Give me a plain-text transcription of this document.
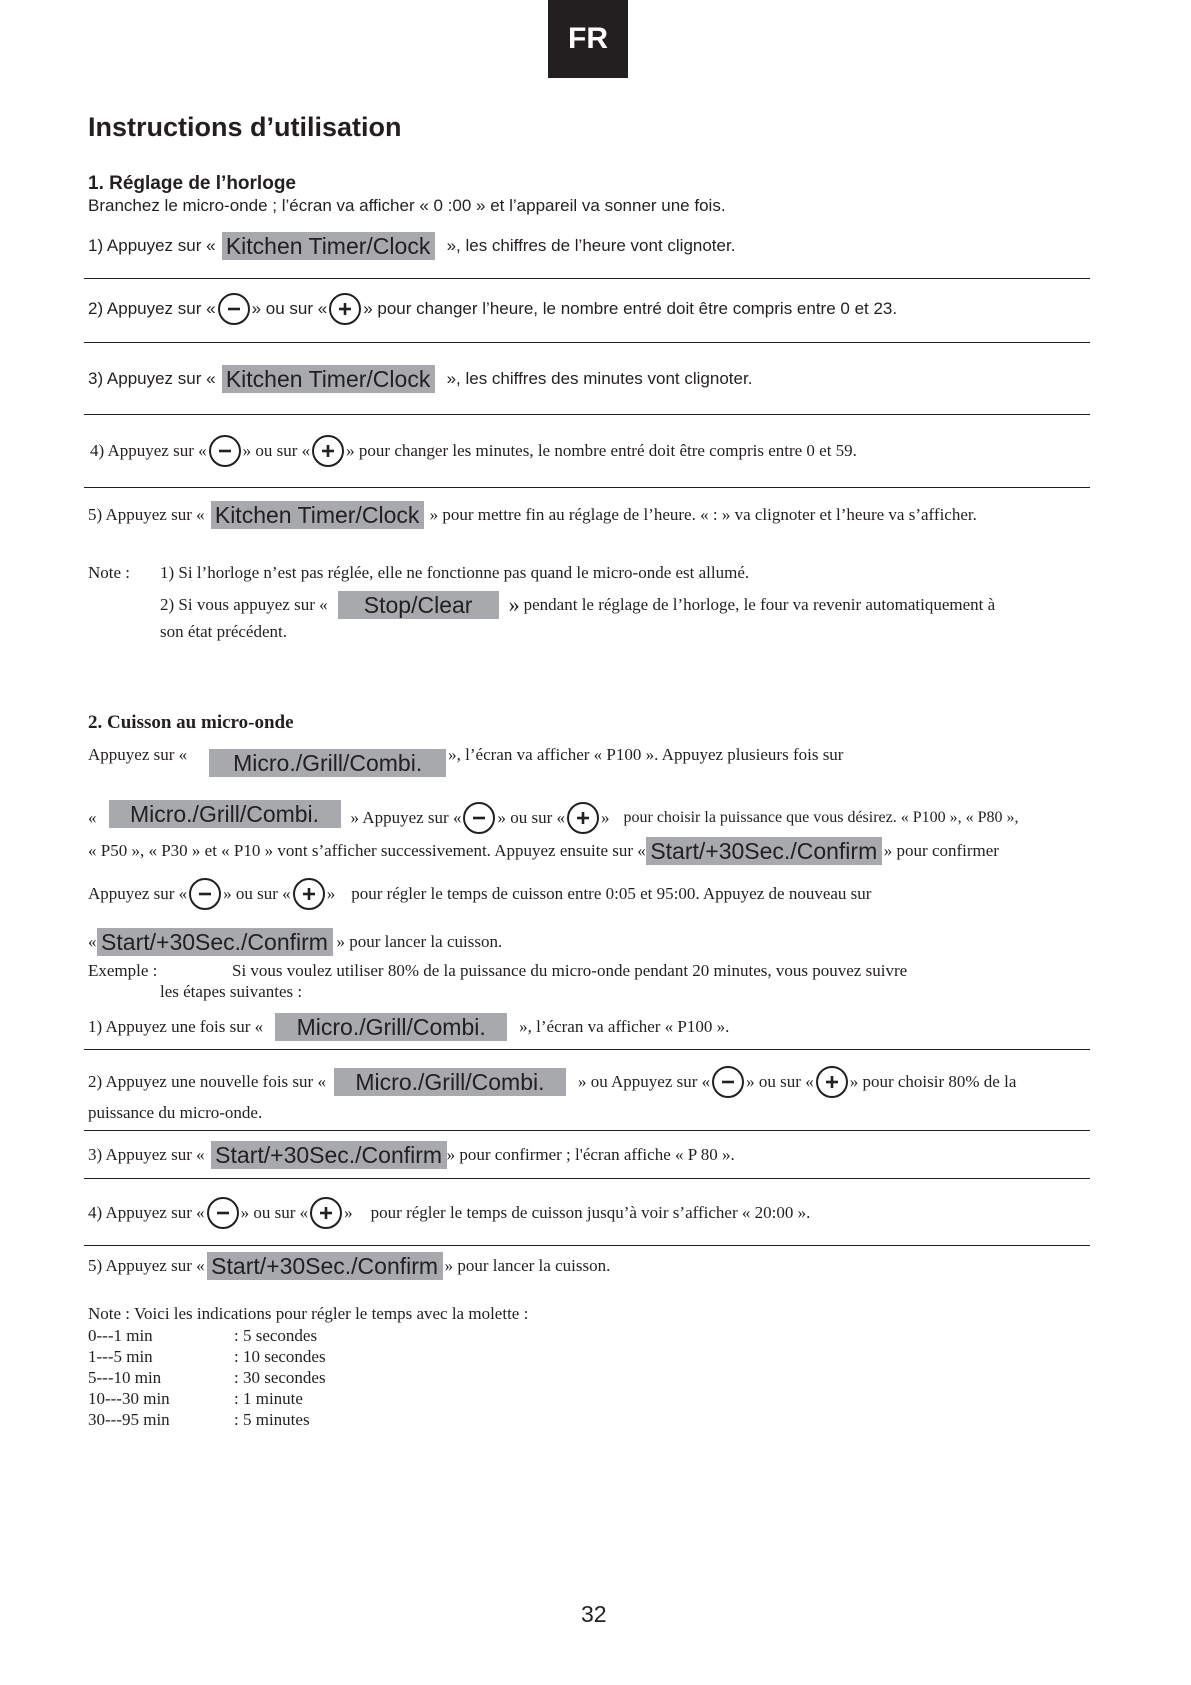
FR
Instructions d’utilisation
1. Réglage de l’horloge
Branchez le micro-onde ; l’écran va afficher « 0 :00 » et l’appareil va sonner une fois.
1) Appuyez sur « Kitchen Timer/Clock », les chiffres de l’heure vont clignoter.
2) Appuyez sur « » ou sur « » pour changer l’heure, le nombre entré doit être compris entre 0 et 23.
3) Appuyez sur « Kitchen Timer/Clock », les chiffres des minutes vont clignoter.
4) Appuyez sur « » ou sur « » pour changer les minutes, le nombre entré doit être compris entre 0 et 59.
5) Appuyez sur « Kitchen Timer/Clock » pour mettre fin au réglage de l’heure. « : » va clignoter et l’heure va s’afficher.
Note : 1) Si l’horloge n’est pas réglée, elle ne fonctionne pas quand le micro-onde est allumé.
2) Si vous appuyez sur «	Stop/Clear	» pendant le réglage de l’horloge, le four va revenir automatiquement à
son état précédent.
2. Cuisson au micro-onde
Appuyez sur «	Micro./Grill/Combi.	», l’écran va afficher « P100 ». Appuyez plusieurs fois sur
«	Micro./Grill/Combi.	» Appuyez sur « » ou sur « » pour choisir la puissance que vous désirez. « P100 », « P80 »,
« P50 », « P30 » et « P10 » vont s’afficher successivement. Appuyez ensuite sur « Start/+30Sec./Confirm » pour confirmer
Appuyez sur « » ou sur « » pour régler le temps de cuisson entre 0:05 et 95:00. Appuyez de nouveau sur
« Start/+30Sec./Confirm » pour lancer la cuisson.
Exemple :	Si vous voulez utiliser 80% de la puissance du micro-onde pendant 20 minutes, vous pouvez suivre
les étapes suivantes :
1) Appuyez une fois sur «	Micro./Grill/Combi.	», l’écran va afficher « P100 ».
2) Appuyez une nouvelle fois sur «	Micro./Grill/Combi.	» ou Appuyez sur « » ou sur « » pour choisir 80% de la
puissance du micro-onde.
3) Appuyez sur « Start/+30Sec./Confirm » pour confirmer ; l'écran affiche « P 80 ».
4) Appuyez sur « » ou sur « » pour régler le temps de cuisson jusqu’à voir s’afficher « 20:00 ».
5) Appuyez sur « Start/+30Sec./Confirm » pour lancer la cuisson.
Note : Voici les indications pour régler le temps avec la molette :
0---1 min	: 5 secondes
1---5 min	: 10 secondes
5---10 min	: 30 secondes
10---30 min	: 1 minute
30---95 min	: 5 minutes
32
